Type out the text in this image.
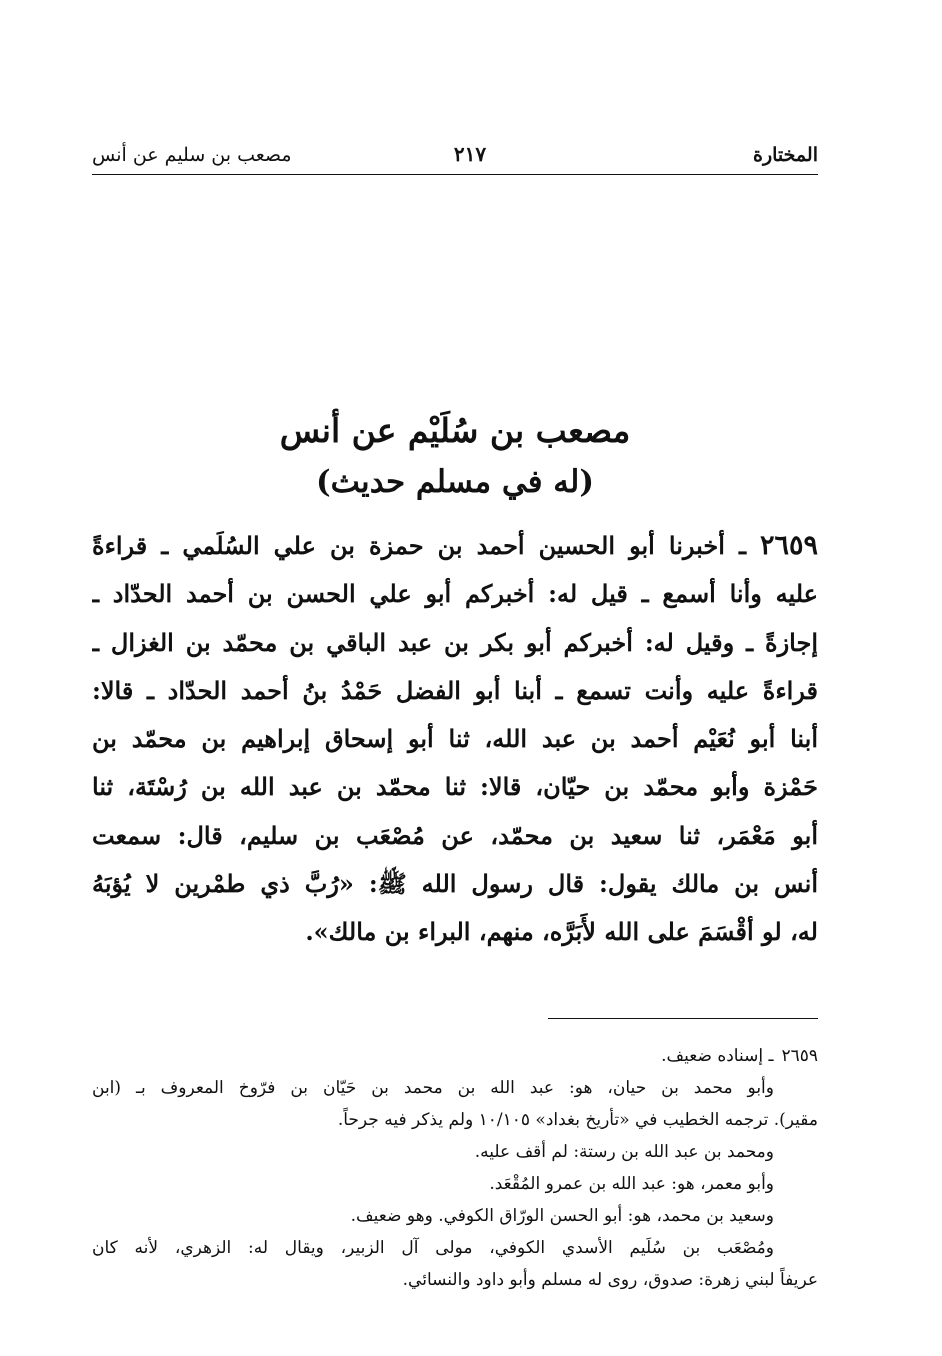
المختارة
٢١٧
مصعب بن سليم عن أنس
مصعب بن سُلَيْم عن أنس
(له في مسلم حديث)
٢٦٥٩ـ أخبرنا أبو الحسين أحمد بن حمزة بن علي السُلَمي ـ قراءةً
عليه وأنا أسمع ـ قيل له: أخبركم أبو علي الحسن بن أحمد الحدّاد ـ
إجازةً ـ وقيل له: أخبركم أبو بكر بن عبد الباقي بن محمّد بن الغزال ـ
قراءةً عليه وأنت تسمع ـ أبنا أبو الفضل حَمْدُ بنُ أحمد الحدّاد ـ قالا:
أبنا أبو نُعَيْم أحمد بن عبد الله، ثنا أبو إسحاق إبراهيم بن محمّد بن
حَمْزة وأبو محمّد بن حيّان، قالا: ثنا محمّد بن عبد الله بن رُسْتَة، ثنا
أبو مَعْمَر، ثنا سعيد بن محمّد، عن مُصْعَب بن سليم، قال: سمعت
أنس بن مالك يقول: قال رسول الله ﷺ: «رُبَّ ذي طمْرين لا يُؤبَهُ
له، لو أقْسَمَ على الله لأَبَرَّه، منهم، البراء بن مالك».
٢٦٥٩ـ إسناده ضعيف.
وأبو محمد بن حيان، هو: عبد الله بن محمد بن حَيّان بن فرّوخ المعروف بـ (ابن
مقير). ترجمه الخطيب في «تأريخ بغداد» ١٠/١٠٥ ولم يذكر فيه جرحاً.
ومحمد بن عبد الله بن رستة: لم أقف عليه.
وأبو معمر، هو: عبد الله بن عمرو المُقْعَد.
وسعيد بن محمد، هو: أبو الحسن الورّاق الكوفي. وهو ضعيف.
ومُصْعَب بن سُلَيم الأسدي الكوفي، مولى آل الزبير، ويقال له: الزهري، لأنه كان
عريفاً لبني زهرة: صدوق، روى له مسلم وأبو داود والنسائي.
